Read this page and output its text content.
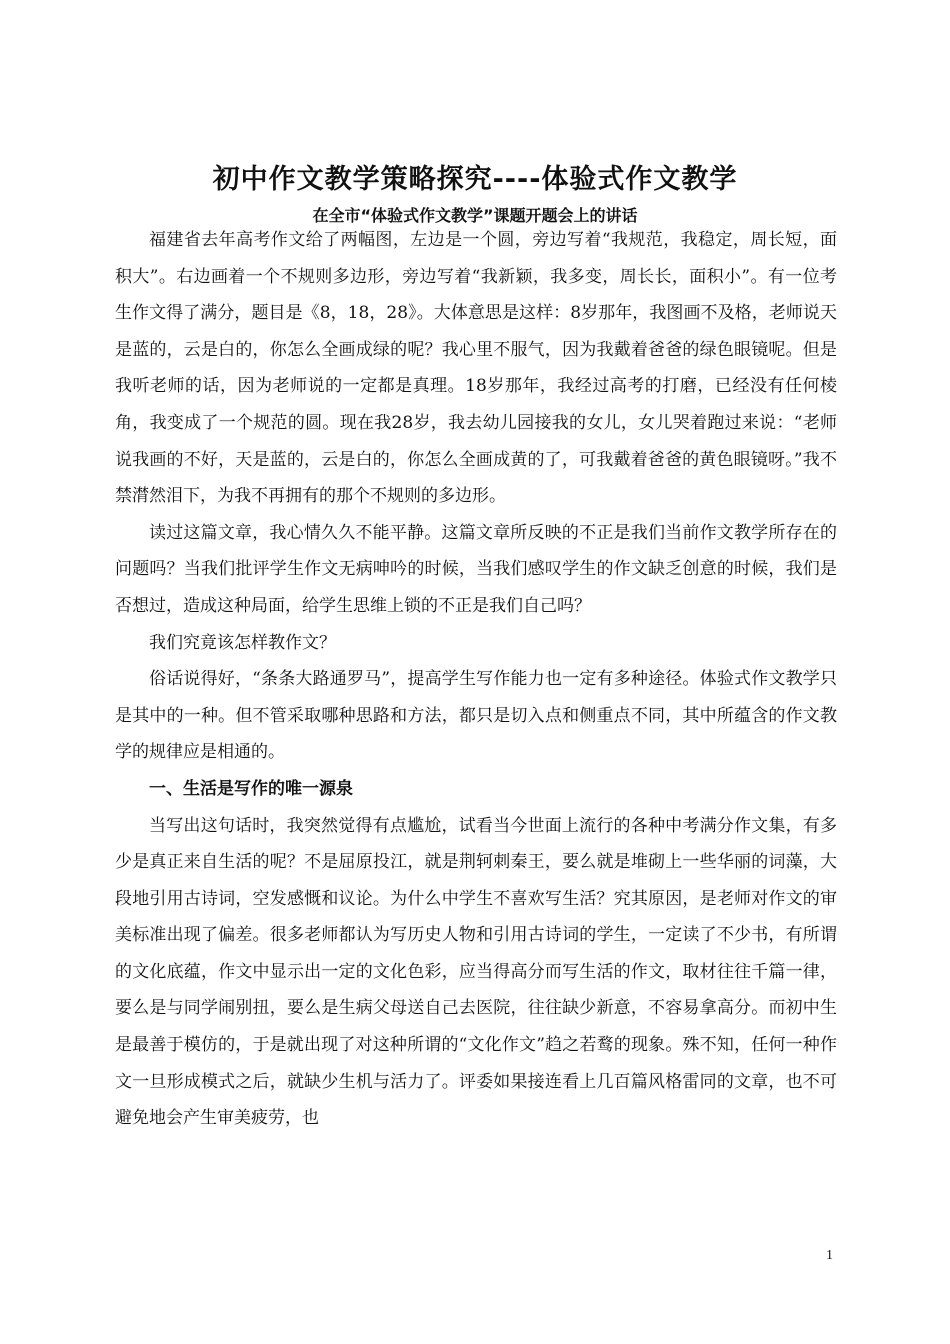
初中作文教学策略探究----体验式作文教学
在全市“体验式作文教学”课题开题会上的讲话

福建省去年高考作文给了两幅图，左边是一个圆，旁边写着“我规范，我稳定，周长短，面积大”。右边画着一个不规则多边形，旁边写着“我新颖，我多变，周长长，面积小”。有一位考生作文得了满分，题目是《8，18，28》。大体意思是这样：8岁那年，我图画不及格，老师说天是蓝的，云是白的，你怎么全画成绿的呢？我心里不服气，因为我戴着爸爸的绿色眼镜呢。但是我听老师的话，因为老师说的一定都是真理。18岁那年，我经过高考的打磨，已经没有任何棱角，我变成了一个规范的圆。现在我28岁，我去幼儿园接我的女儿，女儿哭着跑过来说：“老师说我画的不好，天是蓝的，云是白的，你怎么全画成黄的了，可我戴着爸爸的黄色眼镜呀。”我不禁潸然泪下，为我不再拥有的那个不规则的多边形。

读过这篇文章，我心情久久不能平静。这篇文章所反映的不正是我们当前作文教学所存在的问题吗？当我们批评学生作文无病呻吟的时候，当我们感叹学生的作文缺乏创意的时候，我们是否想过，造成这种局面，给学生思维上锁的不正是我们自己吗？

我们究竟该怎样教作文？

俗话说得好，“条条大路通罗马”，提高学生写作能力也一定有多种途径。体验式作文教学只是其中的一种。但不管采取哪种思路和方法，都只是切入点和侧重点不同，其中所蕴含的作文教学的规律应是相通的。

一、生活是写作的唯一源泉

当写出这句话时，我突然觉得有点尴尬，试看当今世面上流行的各种中考满分作文集，有多少是真正来自生活的呢？不是屈原投江，就是荆轲刺秦王，要么就是堆砌上一些华丽的词藻，大段地引用古诗词，空发感慨和议论。为什么中学生不喜欢写生活？究其原因，是老师对作文的审美标准出现了偏差。很多老师都认为写历史人物和引用古诗词的学生，一定读了不少书，有所谓的文化底蕴，作文中显示出一定的文化色彩，应当得高分而写生活的作文，取材往往千篇一律，要么是与同学闹别扭，要么是生病父母送自己去医院，往往缺少新意，不容易拿高分。而初中生是最善于模仿的，于是就出现了对这种所谓的“文化作文”趋之若鹜的现象。殊不知，任何一种作文一旦形成模式之后，就缺少生机与活力了。评委如果接连看上几百篇风格雷同的文章，也不可避免地会产生审美疲劳，也

1
